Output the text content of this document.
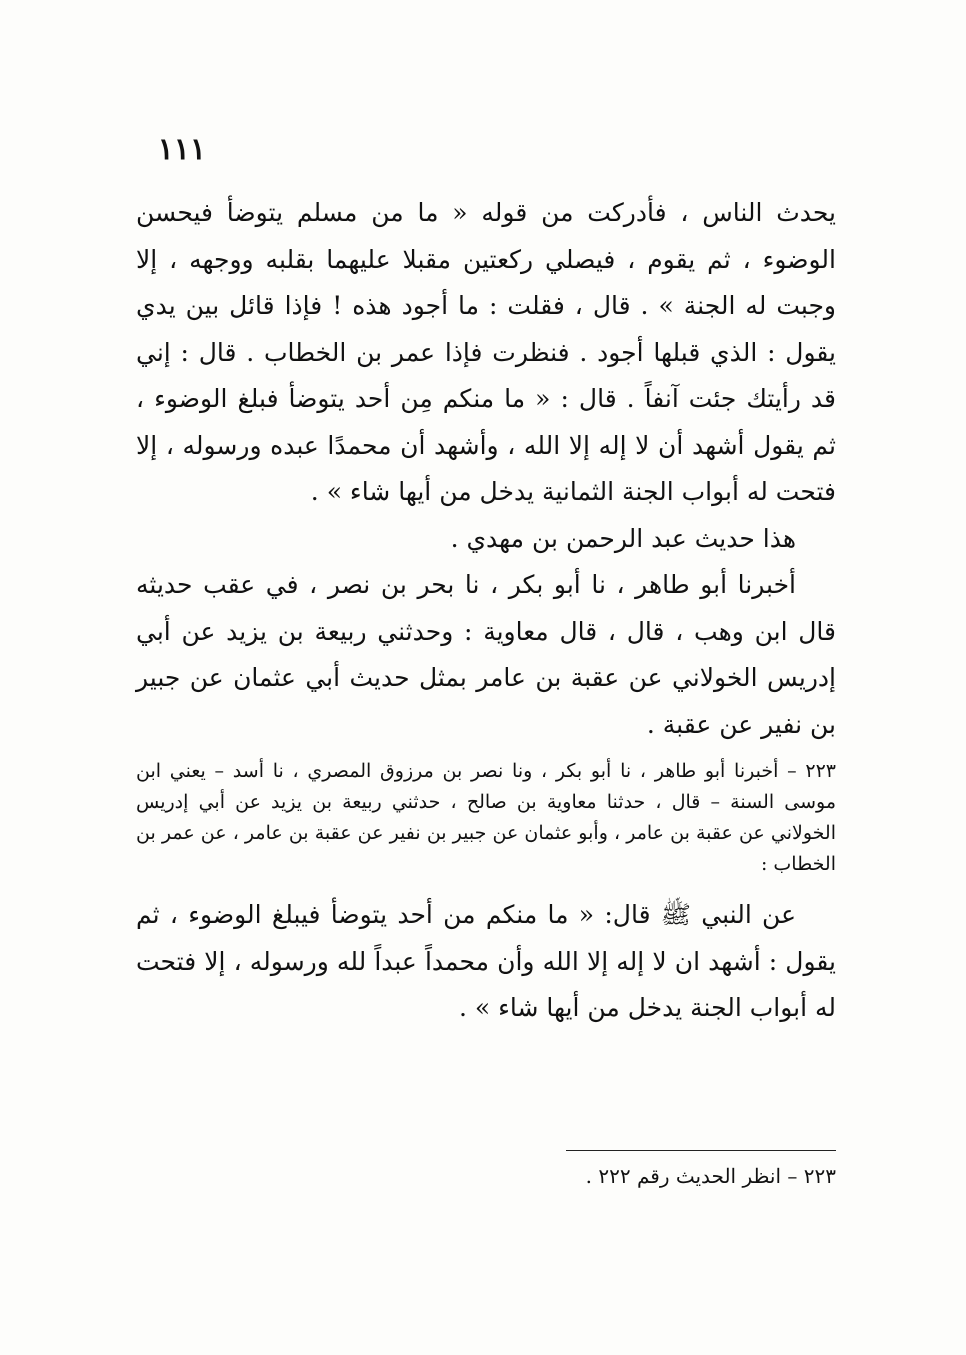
١١١

يحدث الناس ، فأدركت من قوله « ما من مسلم يتوضأ فيحسن الوضوء ، ثم يقوم ، فيصلي ركعتين مقبلا عليهما بقلبه ووجهه ، إلا وجبت له الجنة » . قال ، فقلت : ما أجود هذه ! فإذا قائل بين يدي يقول : الذي قبلها أجود . فنظرت فإذا عمر بن الخطاب . قال : إني قد رأيتك جئت آنفاً . قال : « ما منكم مِن أحد يتوضأ فبلغ الوضوء ، ثم يقول أشهد أن لا إله إلا الله ، وأشهد أن محمدًا عبده ورسوله ، إلا فتحت له أبواب الجنة الثمانية يدخل من أيها شاء » .

هذا حديث عبد الرحمن بن مهدي .

أخبرنا أبو طاهر ، نا أبو بكر ، نا بحر بن نصر ، في عقب حديثه قال ابن وهب ، قال ، قال معاوية : وحدثني ربيعة بن يزيد عن أبي إدريس الخولاني عن عقبة بن عامر بمثل حديث أبي عثمان عن جبير بن نفير عن عقبة .

٢٢٣ – أخبرنا أبو طاهر ، نا أبو بكر ، ونا نصر بن مرزوق المصري ، نا أسد – يعني ابن موسى السنة – قال ، حدثنا معاوية بن صالح ، حدثني ربيعة بن يزيد عن أبي إدريس الخولاني عن عقبة بن عامر ، وأبو عثمان عن جبير بن نفير عن عقبة بن عامر ، عن عمر بن الخطاب :

عن النبي ﷺ قال: « ما منكم من أحد يتوضأ فيبلغ الوضوء ، ثم يقول : أشهد ان لا إله إلا الله وأن محمداً عبداً لله ورسوله ، إلا فتحت له أبواب الجنة يدخل من أيها شاء » .

٢٢٣ – انظر الحديث رقم ٢٢٢ .
